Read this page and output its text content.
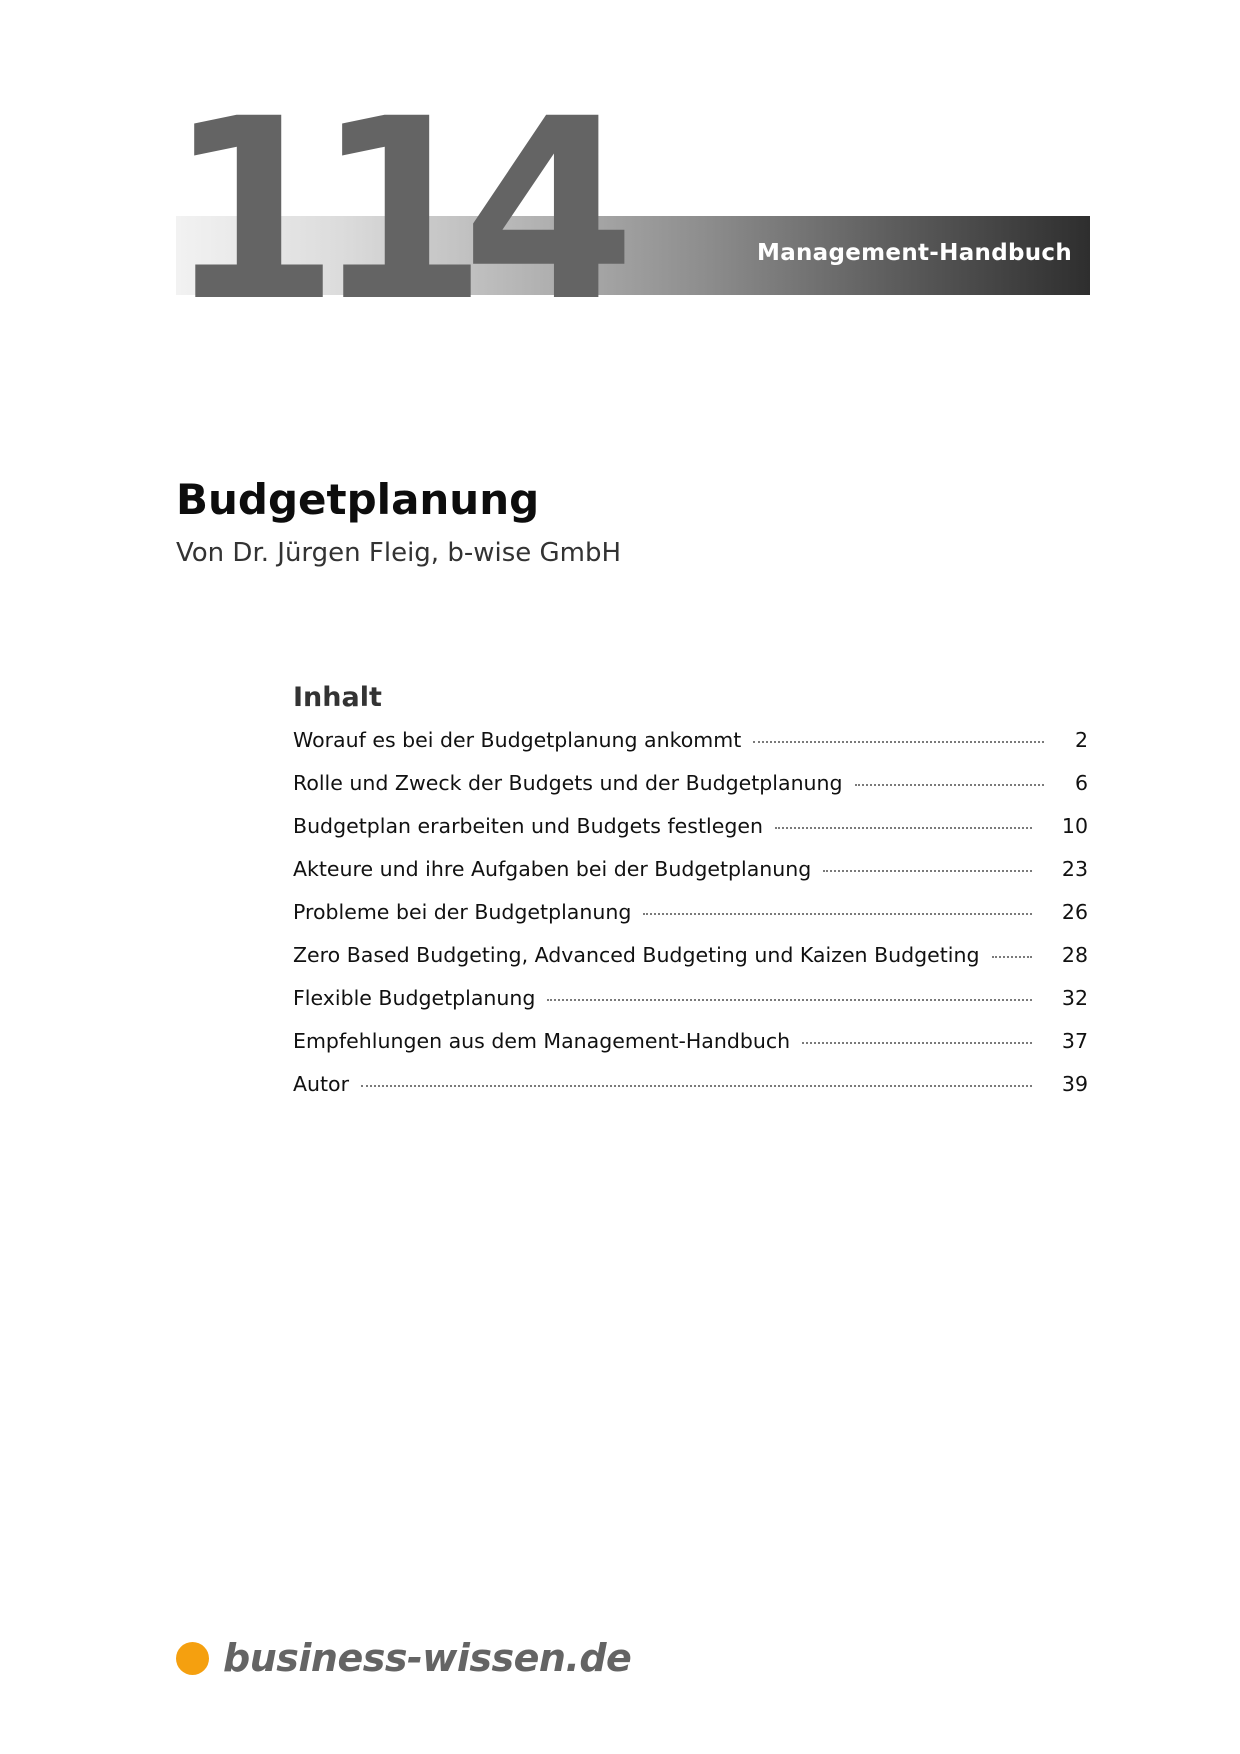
Management-Handbuch
114
Budgetplanung
Von Dr. Jürgen Fleig, b-wise GmbH
Inhalt
Worauf es bei der Budgetplanung ankommt	2
Rolle und Zweck der Budgets und der Budgetplanung	6
Budgetplan erarbeiten und Budgets festlegen	10
Akteure und ihre Aufgaben bei der Budgetplanung	23
Probleme bei der Budgetplanung	26
Zero Based Budgeting, Advanced Budgeting und Kaizen Budgeting	28
Flexible Budgetplanung	32
Empfehlungen aus dem Management-Handbuch	37
Autor	39
business-wissen.de
